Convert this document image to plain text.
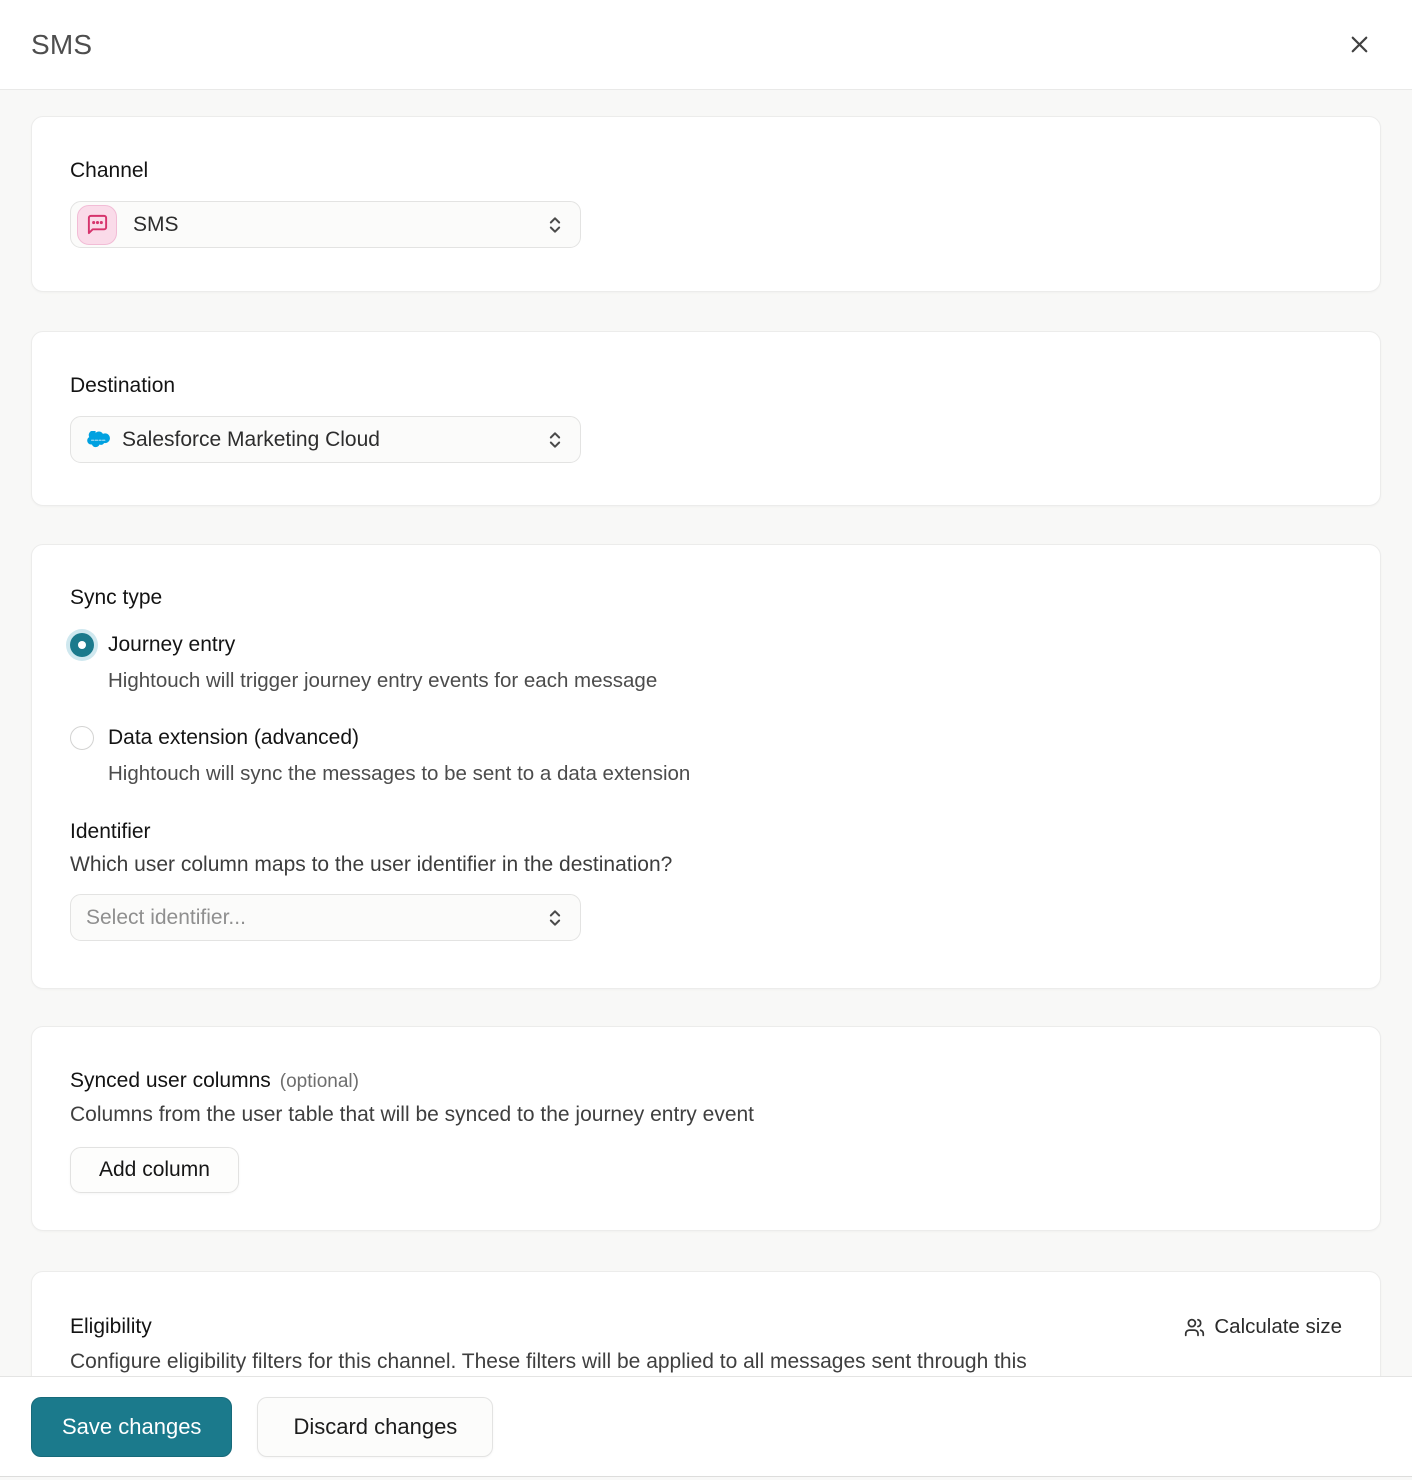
SMS
Channel
SMS
Destination
Salesforce Marketing Cloud
Sync type
Journey entry
Hightouch will trigger journey entry events for each message
Data extension (advanced)
Hightouch will sync the messages to be sent to a data extension
Identifier
Which user column maps to the user identifier in the destination?
Select identifier...
Synced user columns (optional)
Columns from the user table that will be synced to the journey entry event
Add column
Eligibility	Calculate size
Configure eligibility filters for this channel. These filters will be applied to all messages sent through this
Save changes	Discard changes
